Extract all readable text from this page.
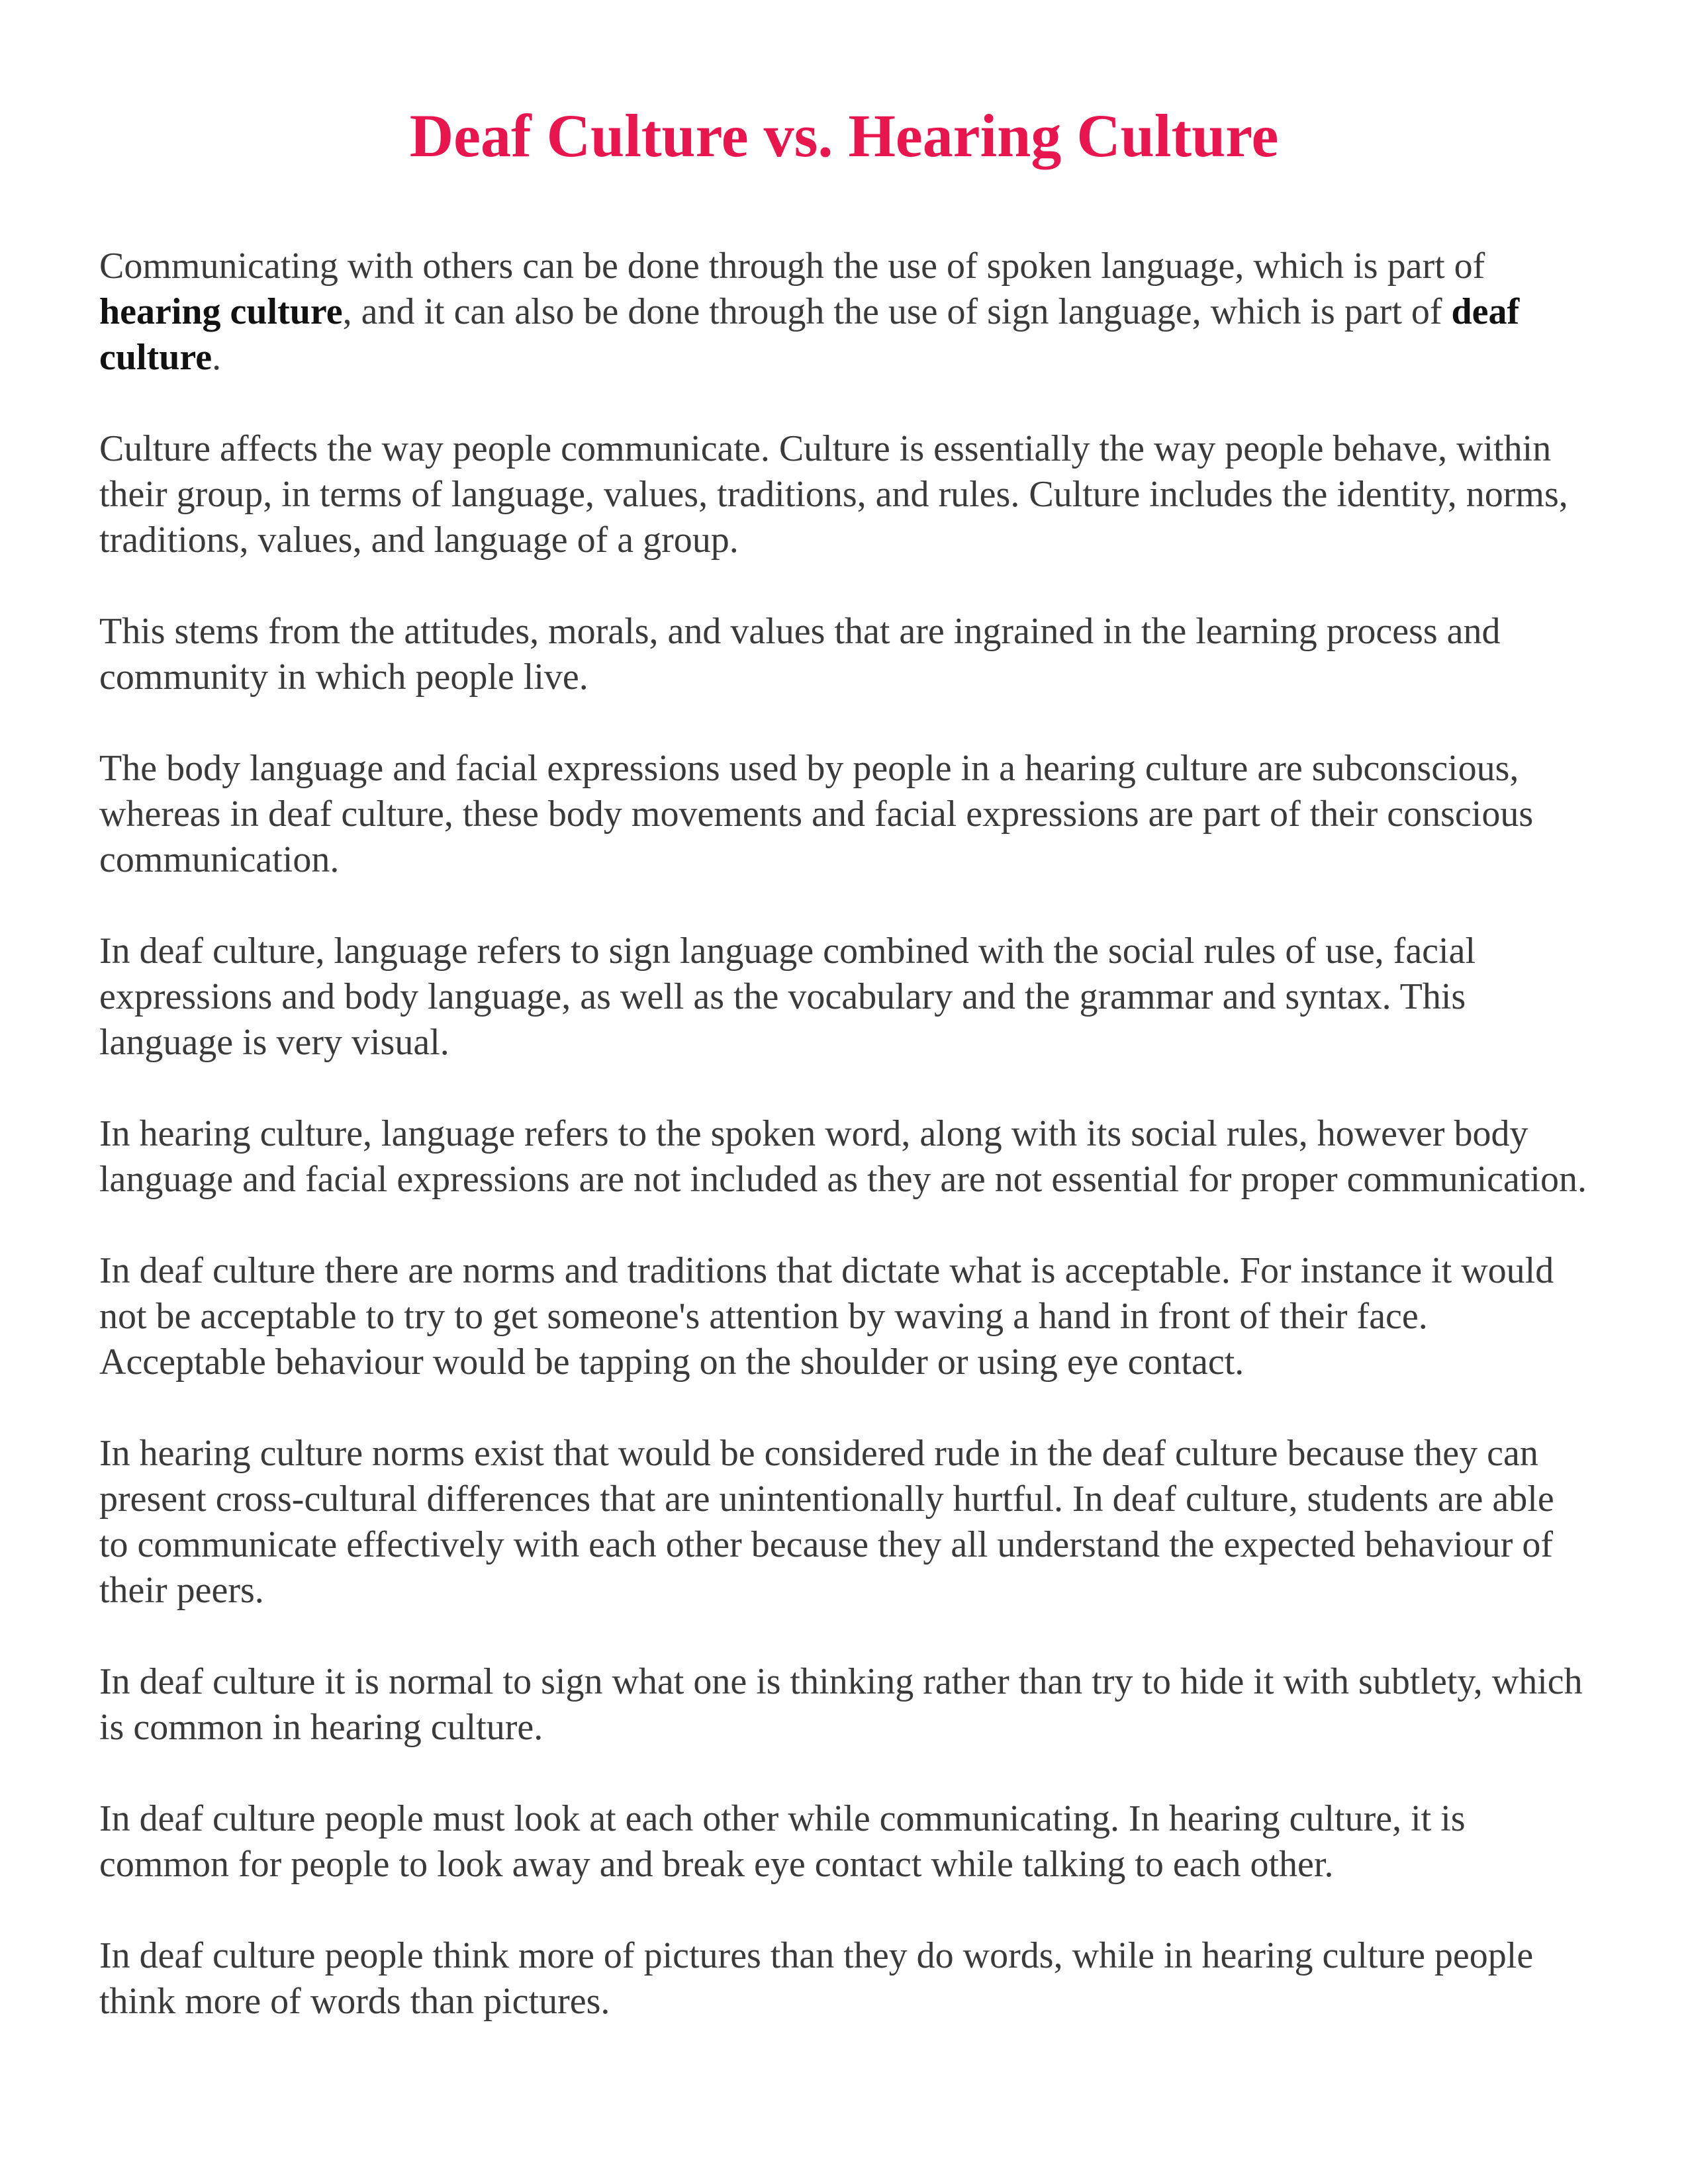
Deaf Culture vs. Hearing Culture

Communicating with others can be done through the use of spoken language, which is part of hearing culture, and it can also be done through the use of sign language, which is part of deaf culture.

Culture affects the way people communicate. Culture is essentially the way people behave, within their group, in terms of language, values, traditions, and rules. Culture includes the identity, norms, traditions, values, and language of a group.

This stems from the attitudes, morals, and values that are ingrained in the learning process and community in which people live.

The body language and facial expressions used by people in a hearing culture are subconscious, whereas in deaf culture, these body movements and facial expressions are part of their conscious communication.

In deaf culture, language refers to sign language combined with the social rules of use, facial expressions and body language, as well as the vocabulary and the grammar and syntax. This language is very visual.

In hearing culture, language refers to the spoken word, along with its social rules, however body language and facial expressions are not included as they are not essential for proper communication.

In deaf culture there are norms and traditions that dictate what is acceptable. For instance it would not be acceptable to try to get someone's attention by waving a hand in front of their face. Acceptable behaviour would be tapping on the shoulder or using eye contact.

In hearing culture norms exist that would be considered rude in the deaf culture because they can present cross-cultural differences that are unintentionally hurtful. In deaf culture, students are able to communicate effectively with each other because they all understand the expected behaviour of their peers.

In deaf culture it is normal to sign what one is thinking rather than try to hide it with subtlety, which is common in hearing culture.

In deaf culture people must look at each other while communicating. In hearing culture, it is common for people to look away and break eye contact while talking to each other.

In deaf culture people think more of pictures than they do words, while in hearing culture people think more of words than pictures.
